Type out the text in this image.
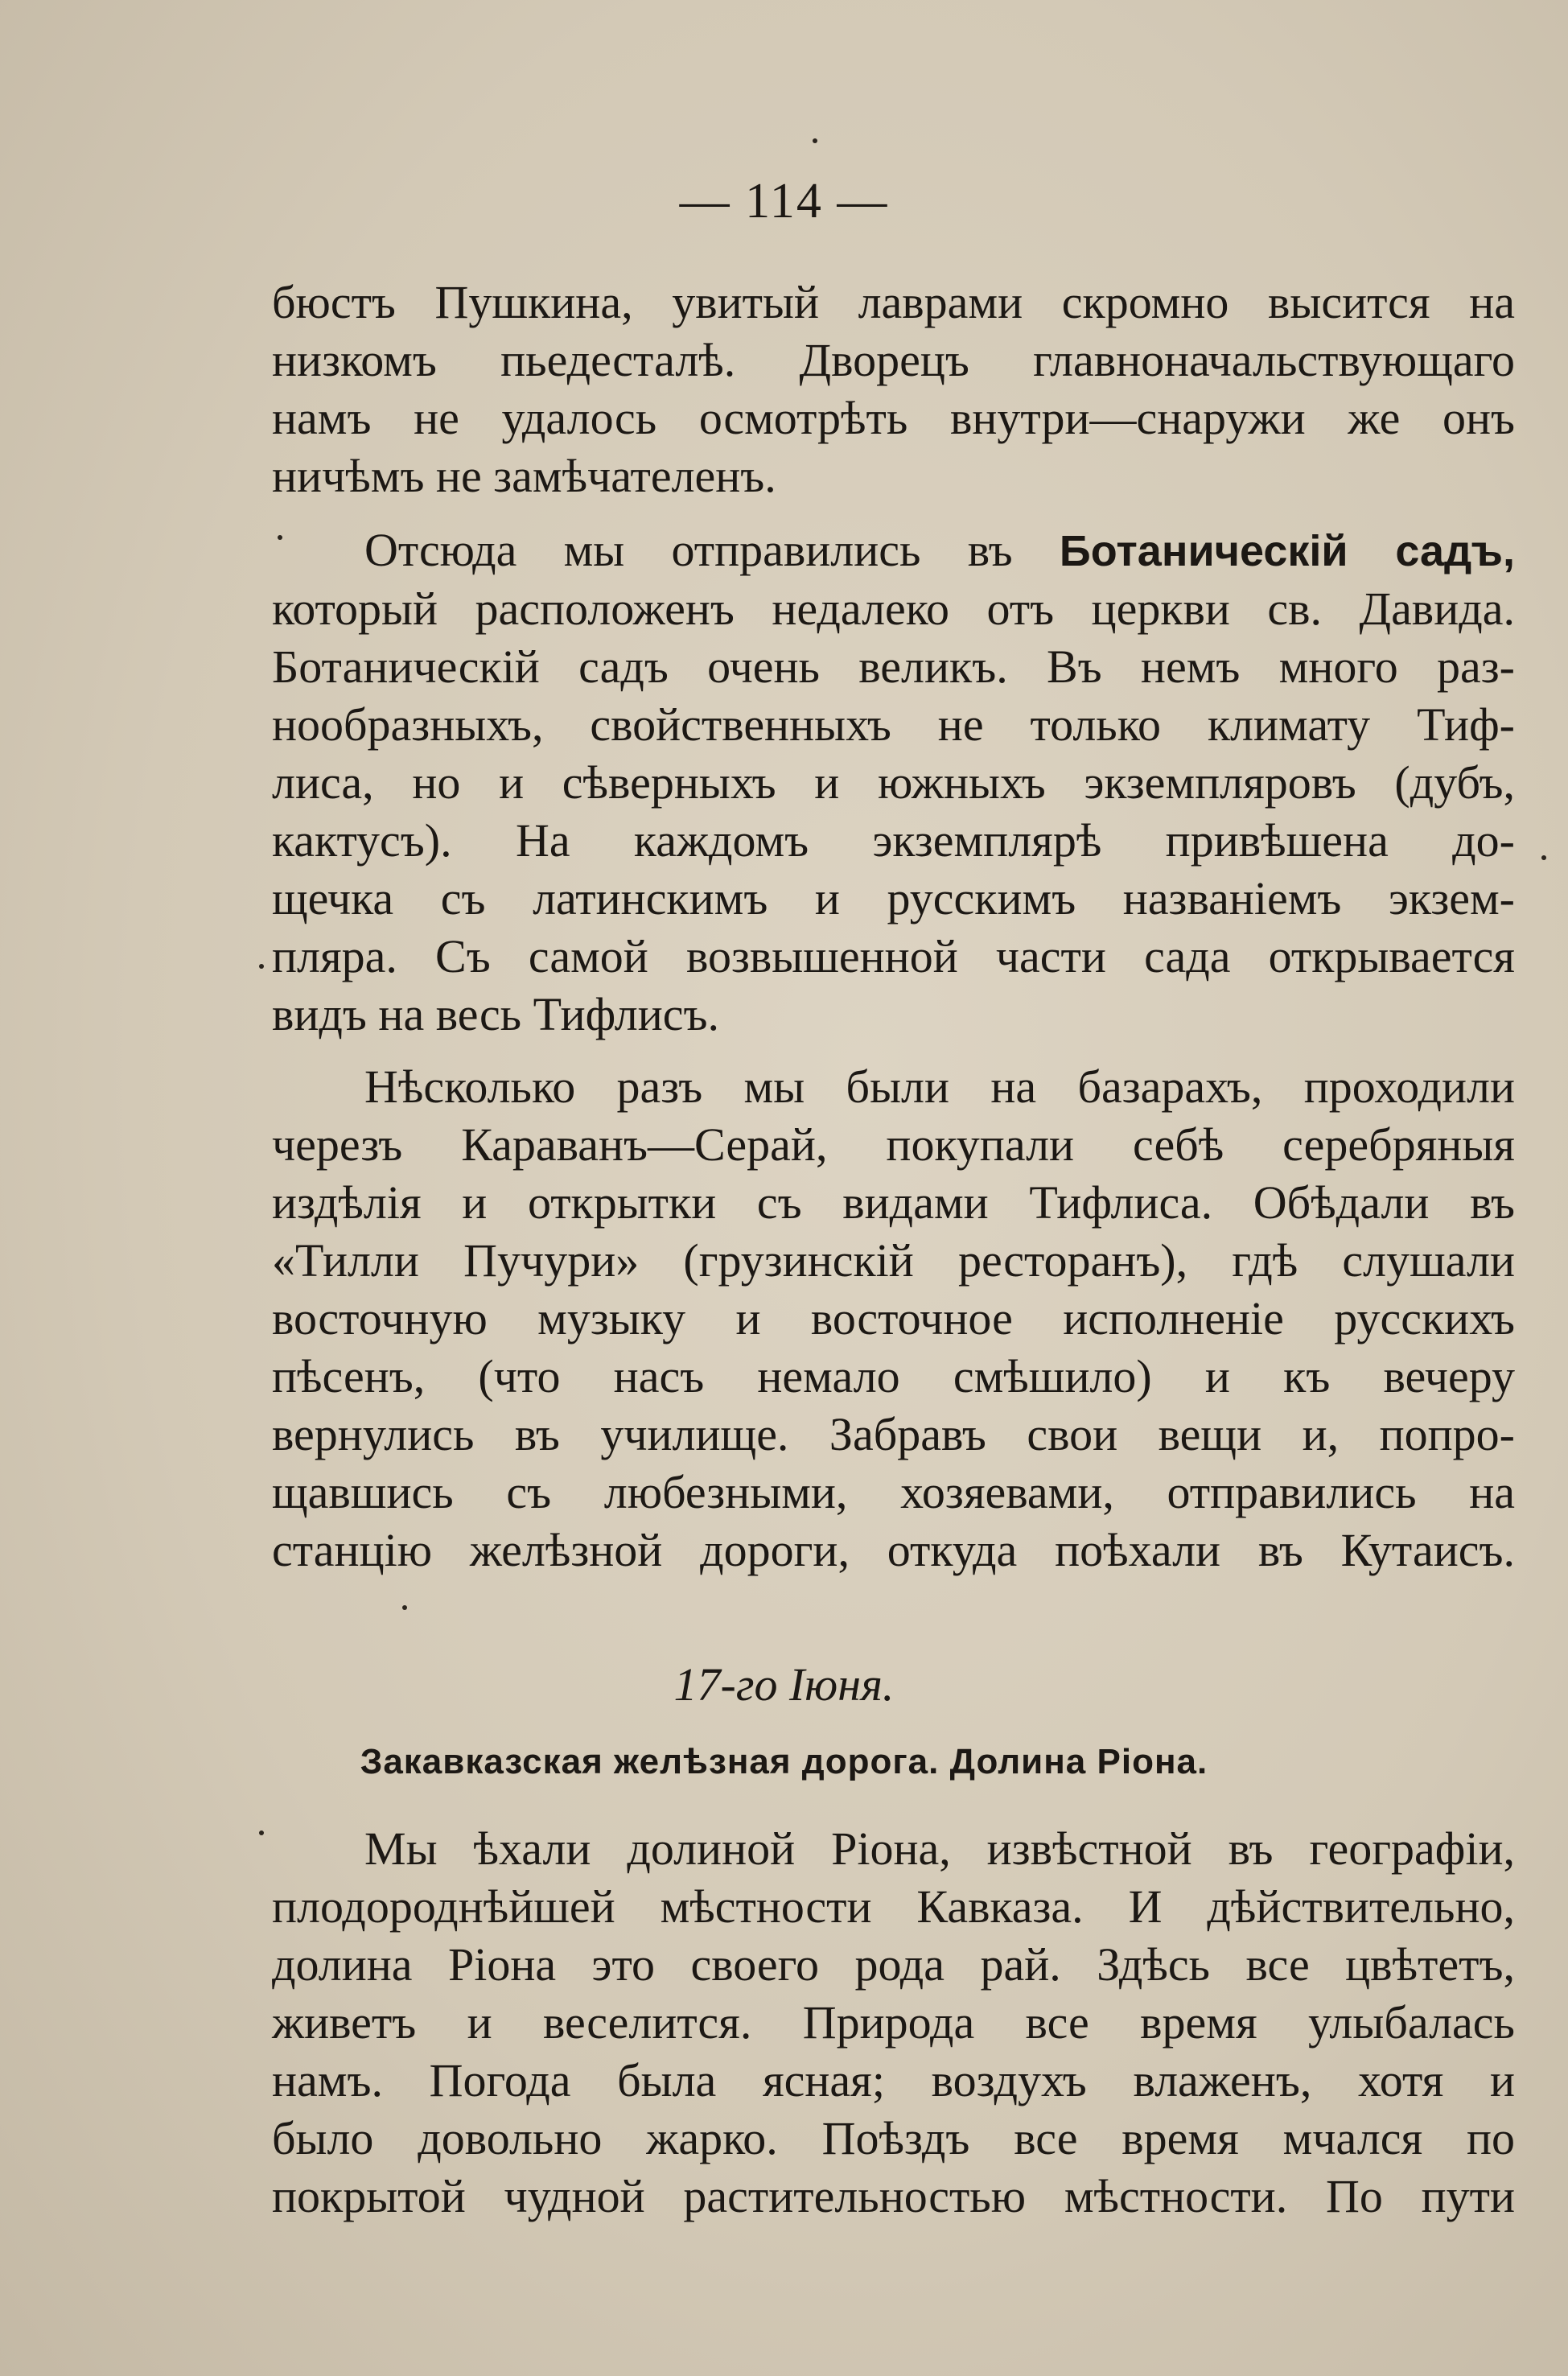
— 114 —
бюстъ Пушкина, увитый лаврами скромно высится на
низкомъ пьедесталѣ. Дворецъ главноначальствующаго
намъ не удалось осмотрѣть внутри—снаружи же онъ
ничѣмъ не замѣчателенъ.
Отсюда мы отправились въ Ботаническій садъ,
который расположенъ недалеко отъ церкви св. Давида.
Ботаническій садъ очень великъ. Въ немъ много раз-
нообразныхъ, свойственныхъ не только климату Тиф-
лиса, но и сѣверныхъ и южныхъ экземпляровъ (дубъ,
кактусъ). На каждомъ экземплярѣ привѣшена до-
щечка съ латинскимъ и русскимъ названіемъ экзем-
пляра. Съ самой возвышенной части сада открывается
видъ на весь Тифлисъ.
Нѣсколько разъ мы были на базарахъ, проходили
черезъ Караванъ—Серай, покупали себѣ серебряныя
издѣлія и открытки съ видами Тифлиса. Обѣдали въ
«Тилли Пучури» (грузинскій ресторанъ), гдѣ слушали
восточную музыку и восточное исполненіе русскихъ
пѣсенъ, (что насъ немало смѣшило) и къ вечеру
вернулись въ училище. Забравъ свои вещи и, попро-
щавшись съ любезными, хозяевами, отправились на
станцію желѣзной дороги, откуда поѣхали въ Кутаисъ.
17-го Іюня.
Закавказская желѣзная дорога. Долина Ріона.
Мы ѣхали долиной Ріона, извѣстной въ географіи,
плодороднѣйшей мѣстности Кавказа. И дѣйствительно,
долина Ріона это своего рода рай. Здѣсь все цвѣтетъ,
живетъ и веселится. Природа все время улыбалась
намъ. Погода была ясная; воздухъ влаженъ, хотя и
было довольно жарко. Поѣздъ все время мчался по
покрытой чудной растительностью мѣстности. По пути
